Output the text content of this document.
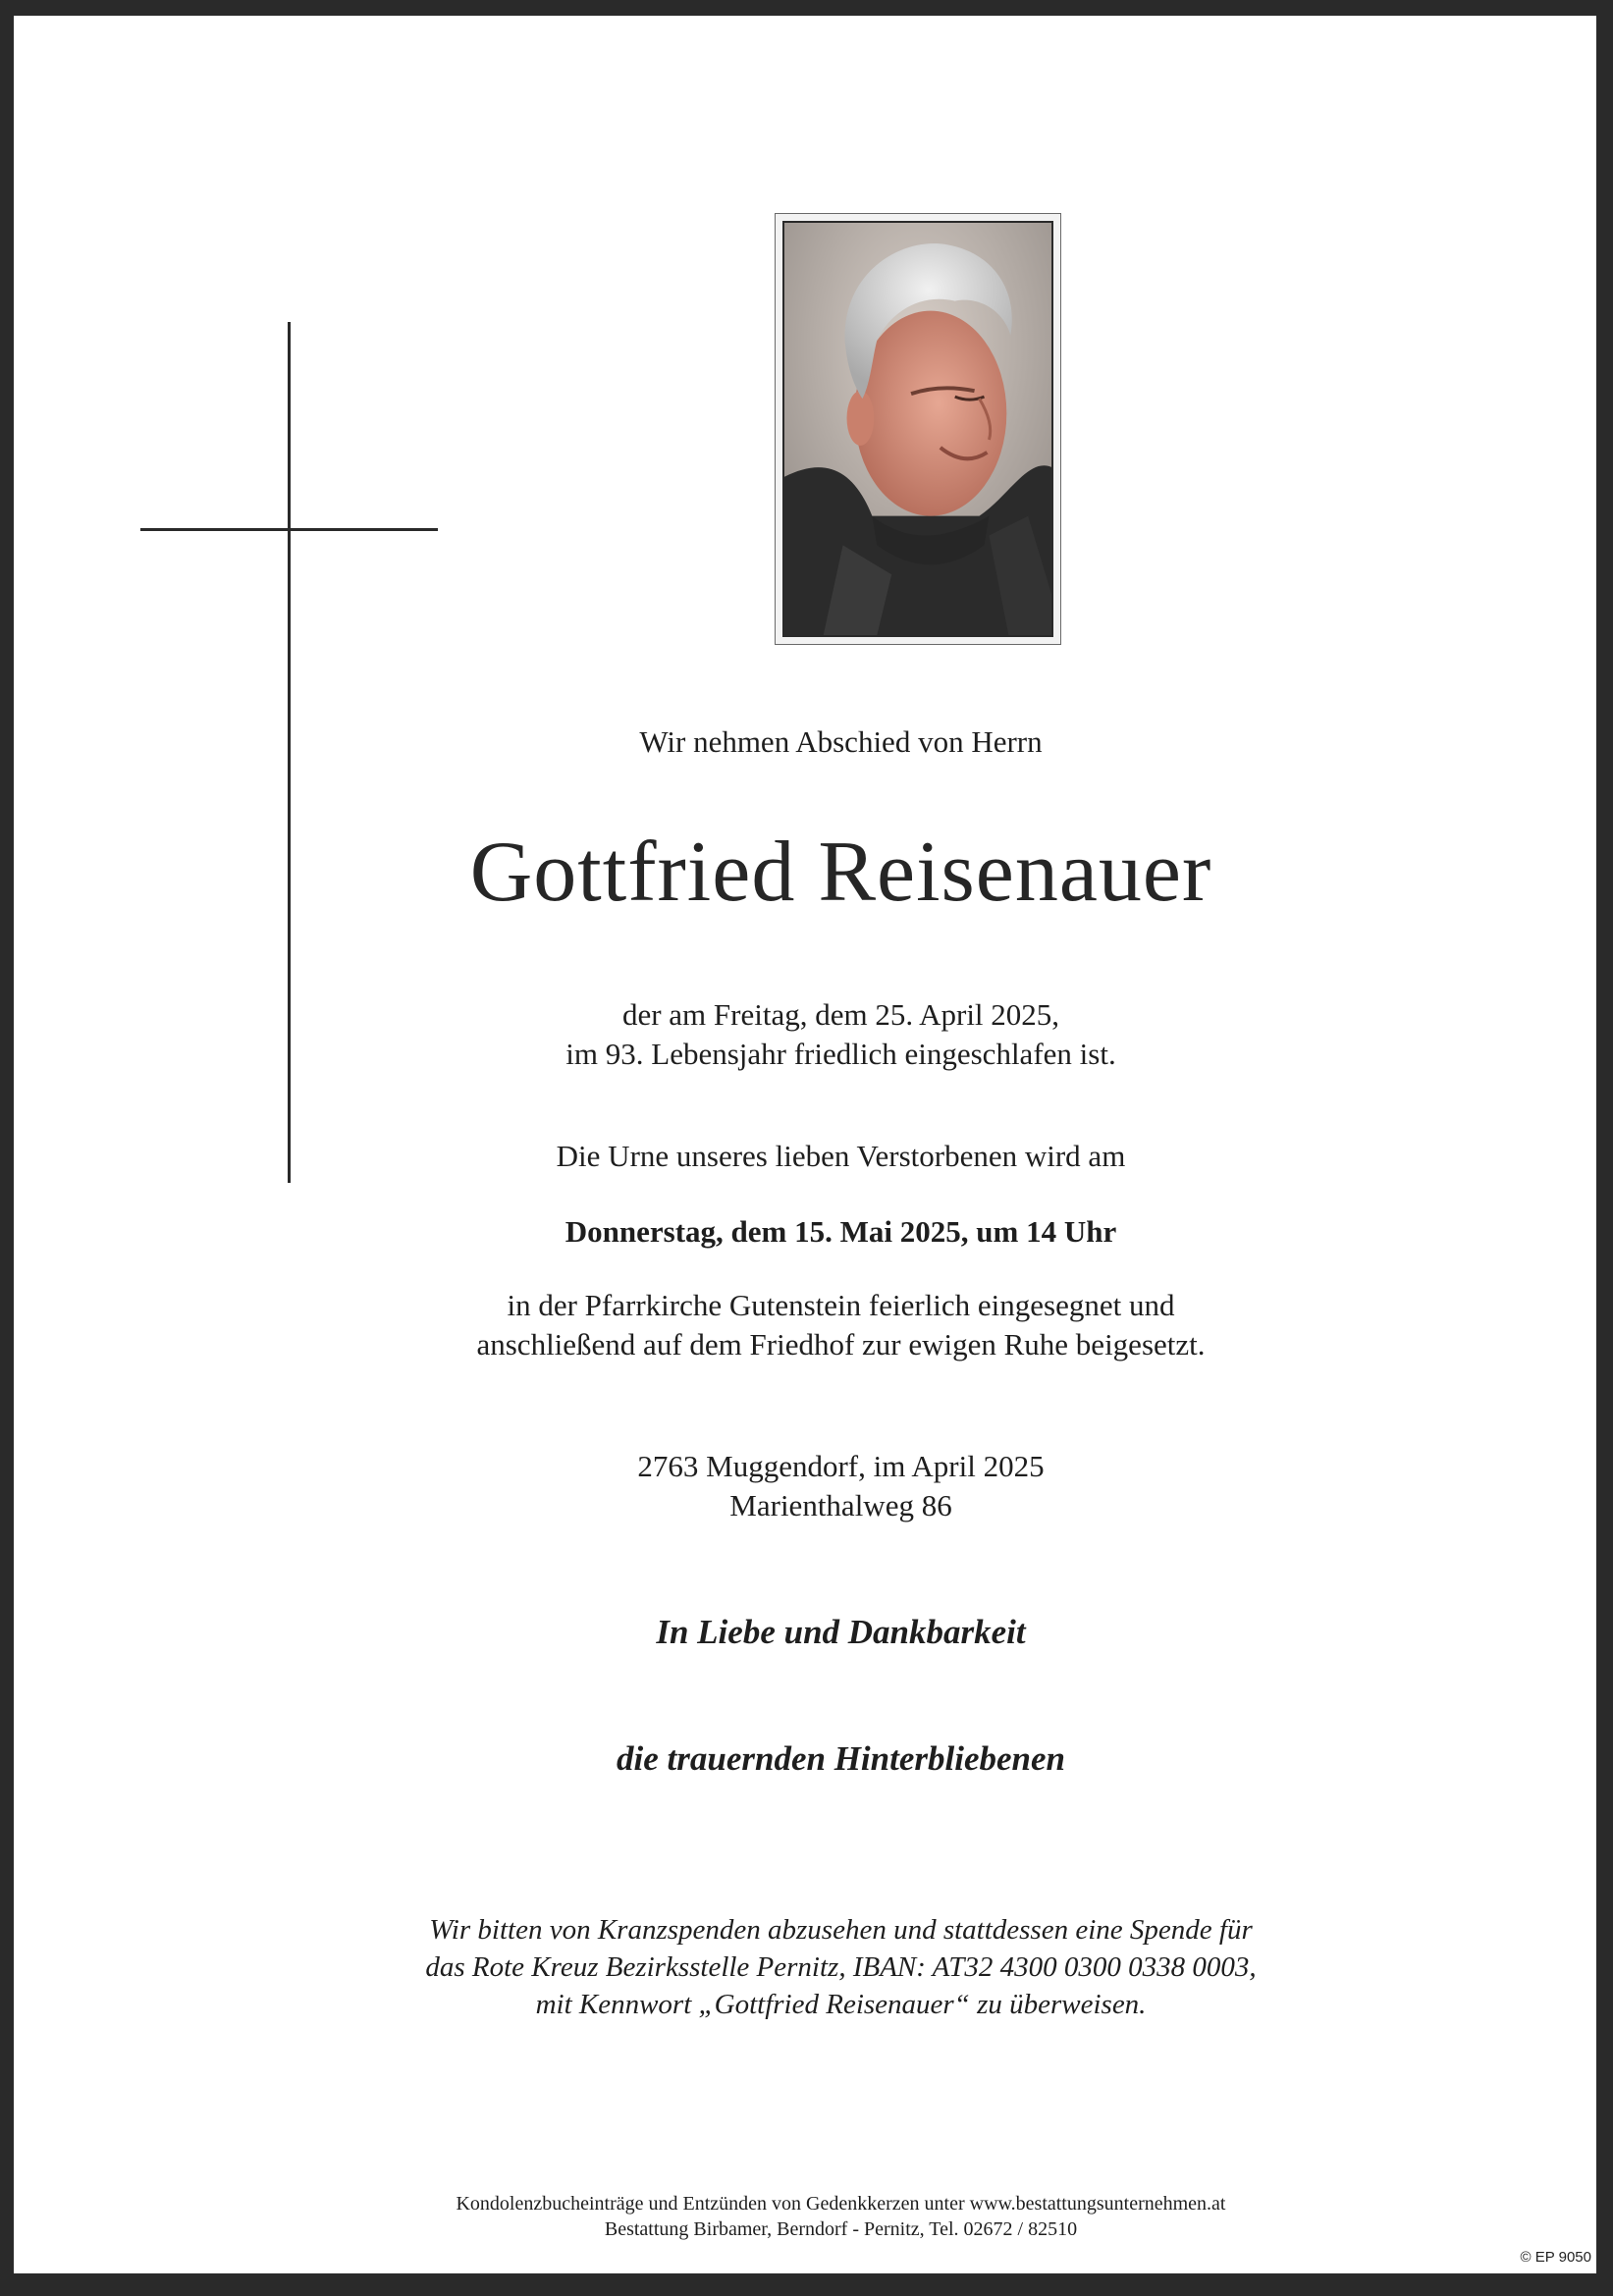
Wir nehmen Abschied von Herrn
Gottfried Reisenauer
der am Freitag, dem 25. April 2025,
im 93. Lebensjahr friedlich eingeschlafen ist.
Die Urne unseres lieben Verstorbenen wird am
Donnerstag, dem 15. Mai 2025, um 14 Uhr
in der Pfarrkirche Gutenstein feierlich eingesegnet und
anschließend auf dem Friedhof zur ewigen Ruhe beigesetzt.
2763 Muggendorf, im April 2025
Marienthalweg 86
In Liebe und Dankbarkeit
die trauernden Hinterbliebenen
Wir bitten von Kranzspenden abzusehen und stattdessen eine Spende für
das Rote Kreuz Bezirksstelle Pernitz, IBAN: AT32 4300 0300 0338 0003,
mit Kennwort „Gottfried Reisenauer“ zu überweisen.
Kondolenzbucheinträge und Entzünden von Gedenkkerzen unter www.bestattungsunternehmen.at
Bestattung Birbamer, Berndorf - Pernitz, Tel. 02672 / 82510
© EP 9050
